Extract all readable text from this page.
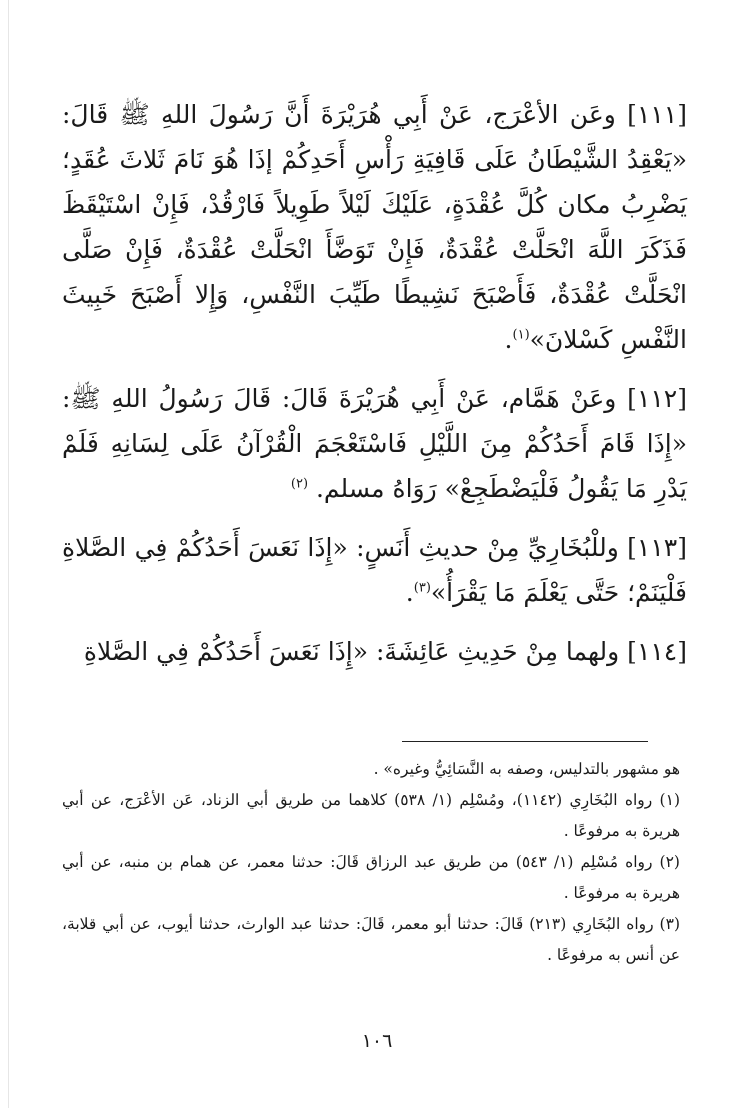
[١١١] وعَن الأعْرَج، عَنْ أَبِي هُرَيْرَةَ أَنَّ رَسُولَ اللهِ ﷺ قَالَ: «يَعْقِدُ الشَّيْطَانُ عَلَى قَافِيَةِ رَأْسِ أَحَدِكُمْ إذَا هُوَ نَامَ ثَلاثَ عُقَدٍ؛ يَضْرِبُ مكان كُلَّ عُقْدَةٍ، عَلَيْكَ لَيْلاً طَوِيلاً فَارْقُدْ، فَإِنْ اسْتَيْقَظَ فَذَكَرَ اللَّهَ انْحَلَّتْ عُقْدَةٌ، فَإِنْ تَوَضَّأَ انْحَلَّتْ عُقْدَةٌ، فَإِنْ صَلَّى انْحَلَّتْ عُقْدَةٌ، فَأَصْبَحَ نَشِيطًا طَيِّبَ النَّفْسِ، وَإِلا أَصْبَحَ خَبِيثَ النَّفْسِ كَسْلانَ»$^{(١)}$.

[١١٢] وعَنْ هَمَّام، عَنْ أَبِي هُرَيْرَةَ قَالَ: قَالَ رَسُولُ اللهِ ﷺ: «إِذَا قَامَ أَحَدُكُمْ مِنَ اللَّيْلِ فَاسْتَعْجَمَ الْقُرْآنُ عَلَى لِسَانِهِ فَلَمْ يَدْرِ مَا يَقُولُ فَلْيَضْطَجِعْ» رَوَاهُ مسلم. $^{(٢)}$

[١١٣] وللْبُخَارِيِّ مِنْ حديثِ أَنَسٍ: «إِذَا نَعَسَ أَحَدُكُمْ فِي الصَّلاةِ فَلْيَنَمْ؛ حَتَّى يَعْلَمَ مَا يَقْرَأُ»$^{(٣)}$.

[١١٤] ولهما مِنْ حَدِيثِ عَائِشَةَ: «إِذَا نَعَسَ أَحَدُكُمْ فِي الصَّلاةِ

هو مشهور بالتدليس، وصفه به النَّسَائِيُّ وغيره» .

(١) رواه البُخَارِي (١١٤٢)، ومُسْلِم (١/ ٥٣٨) كلاهما من طريق أبي الزناد، عَن الأعْرَج، عن أبي هريرة به مرفوعًا .

(٢) رواه مُسْلِم (١/ ٥٤٣) من طريق عبد الرزاق قَالَ: حدثنا معمر، عن همام بن منبه، عن أبي هريرة به مرفوعًا .

(٣) رواه البُخَارِي (٢١٣) قَالَ: حدثنا أبو معمر، قَالَ: حدثنا عبد الوارث، حدثنا أيوب، عن أبي قلابة، عن أنس به مرفوعًا .

١٠٦
